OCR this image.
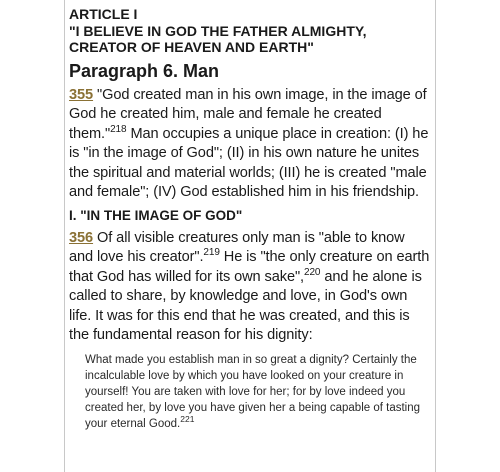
ARTICLE I
"I BELIEVE IN GOD THE FATHER ALMIGHTY,
CREATOR OF HEAVEN AND EARTH"
Paragraph 6. Man

355 "God created man in his own image, in the image of God he created him, male and female he created them."$^{218}$ Man occupies a unique place in creation: (I) he is "in the image of God"; (II) in his own nature he unites the spiritual and material worlds; (III) he is created "male and female"; (IV) God established him in his friendship.

I. "IN THE IMAGE OF GOD"

356 Of all visible creatures only man is "able to know and love his creator".$^{219}$ He is "the only creature on earth that God has willed for its own sake",$^{220}$ and he alone is called to share, by knowledge and love, in God's own life. It was for this end that he was created, and this is the fundamental reason for his dignity:

What made you establish man in so great a dignity? Certainly the incalculable love by which you have looked on your creature in yourself! You are taken with love for her; for by love indeed you created her, by love you have given her a being capable of tasting your eternal Good.$^{221}$
